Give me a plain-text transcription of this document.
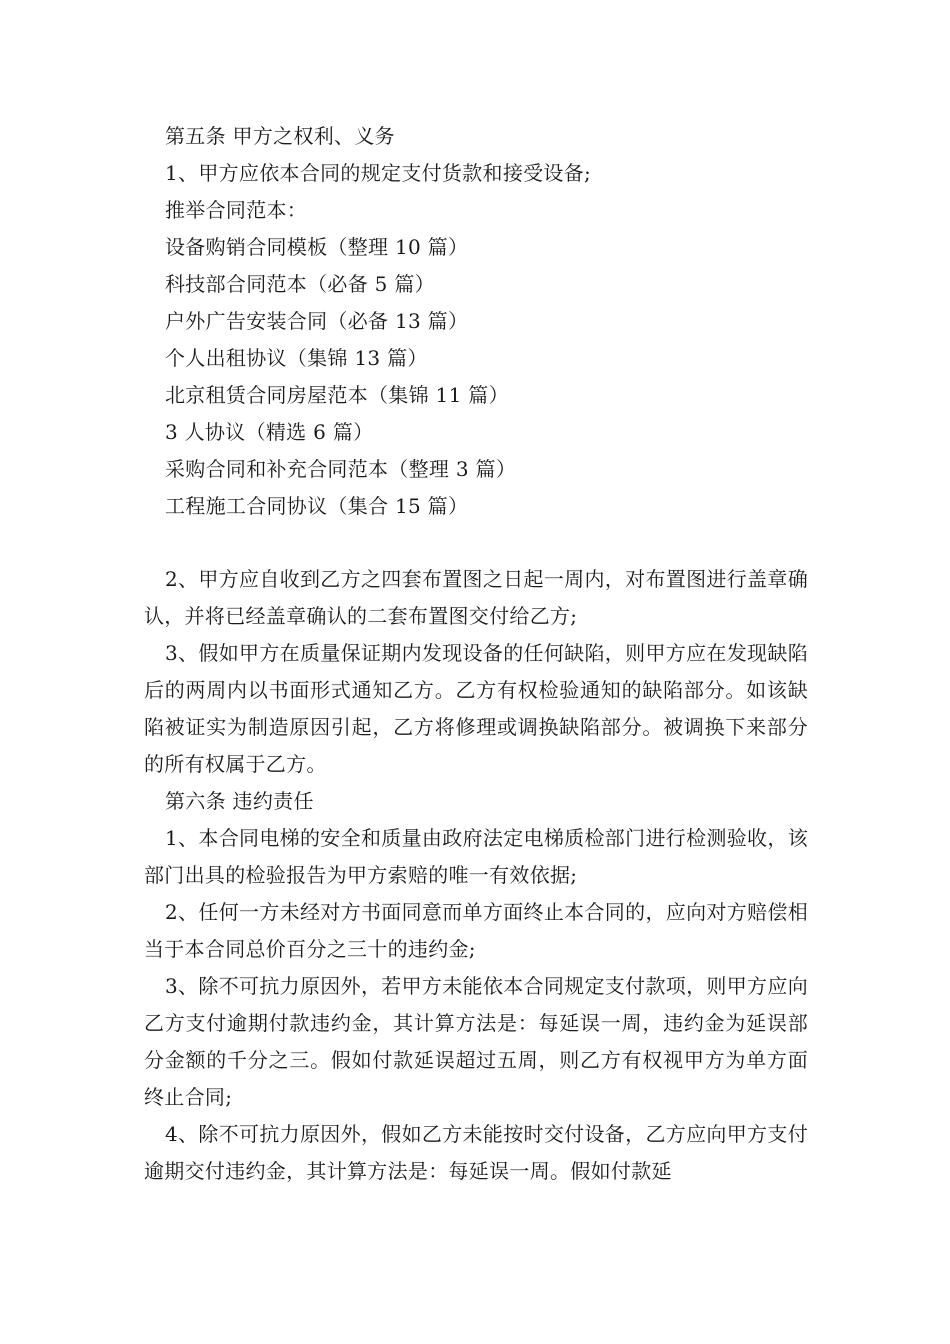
第五条 甲方之权利、义务

1、甲方应依本合同的规定支付货款和接受设备;

推举合同范本：

设备购销合同模板（整理 10 篇）

科技部合同范本（必备 5 篇）

户外广告安装合同（必备 13 篇）

个人出租协议（集锦 13 篇）

北京租赁合同房屋范本（集锦 11 篇）

3 人协议（精选 6 篇）

采购合同和补充合同范本（整理 3 篇）

工程施工合同协议（集合 15 篇）

2、甲方应自收到乙方之四套布置图之日起一周内，对布置图进行盖章确认，并将已经盖章确认的二套布置图交付给乙方;

3、假如甲方在质量保证期内发现设备的任何缺陷，则甲方应在发现缺陷后的两周内以书面形式通知乙方。乙方有权检验通知的缺陷部分。如该缺陷被证实为制造原因引起，乙方将修理或调换缺陷部分。被调换下来部分的所有权属于乙方。

第六条 违约责任

1、本合同电梯的安全和质量由政府法定电梯质检部门进行检测验收，该部门出具的检验报告为甲方索赔的唯一有效依据;

2、任何一方未经对方书面同意而单方面终止本合同的，应向对方赔偿相当于本合同总价百分之三十的违约金;

3、除不可抗力原因外，若甲方未能依本合同规定支付款项，则甲方应向乙方支付逾期付款违约金，其计算方法是：每延误一周，违约金为延误部分金额的千分之三。假如付款延误超过五周，则乙方有权视甲方为单方面终止合同;

4、除不可抗力原因外，假如乙方未能按时交付设备，乙方应向甲方支付逾期交付违约金，其计算方法是：每延误一周。假如付款延
